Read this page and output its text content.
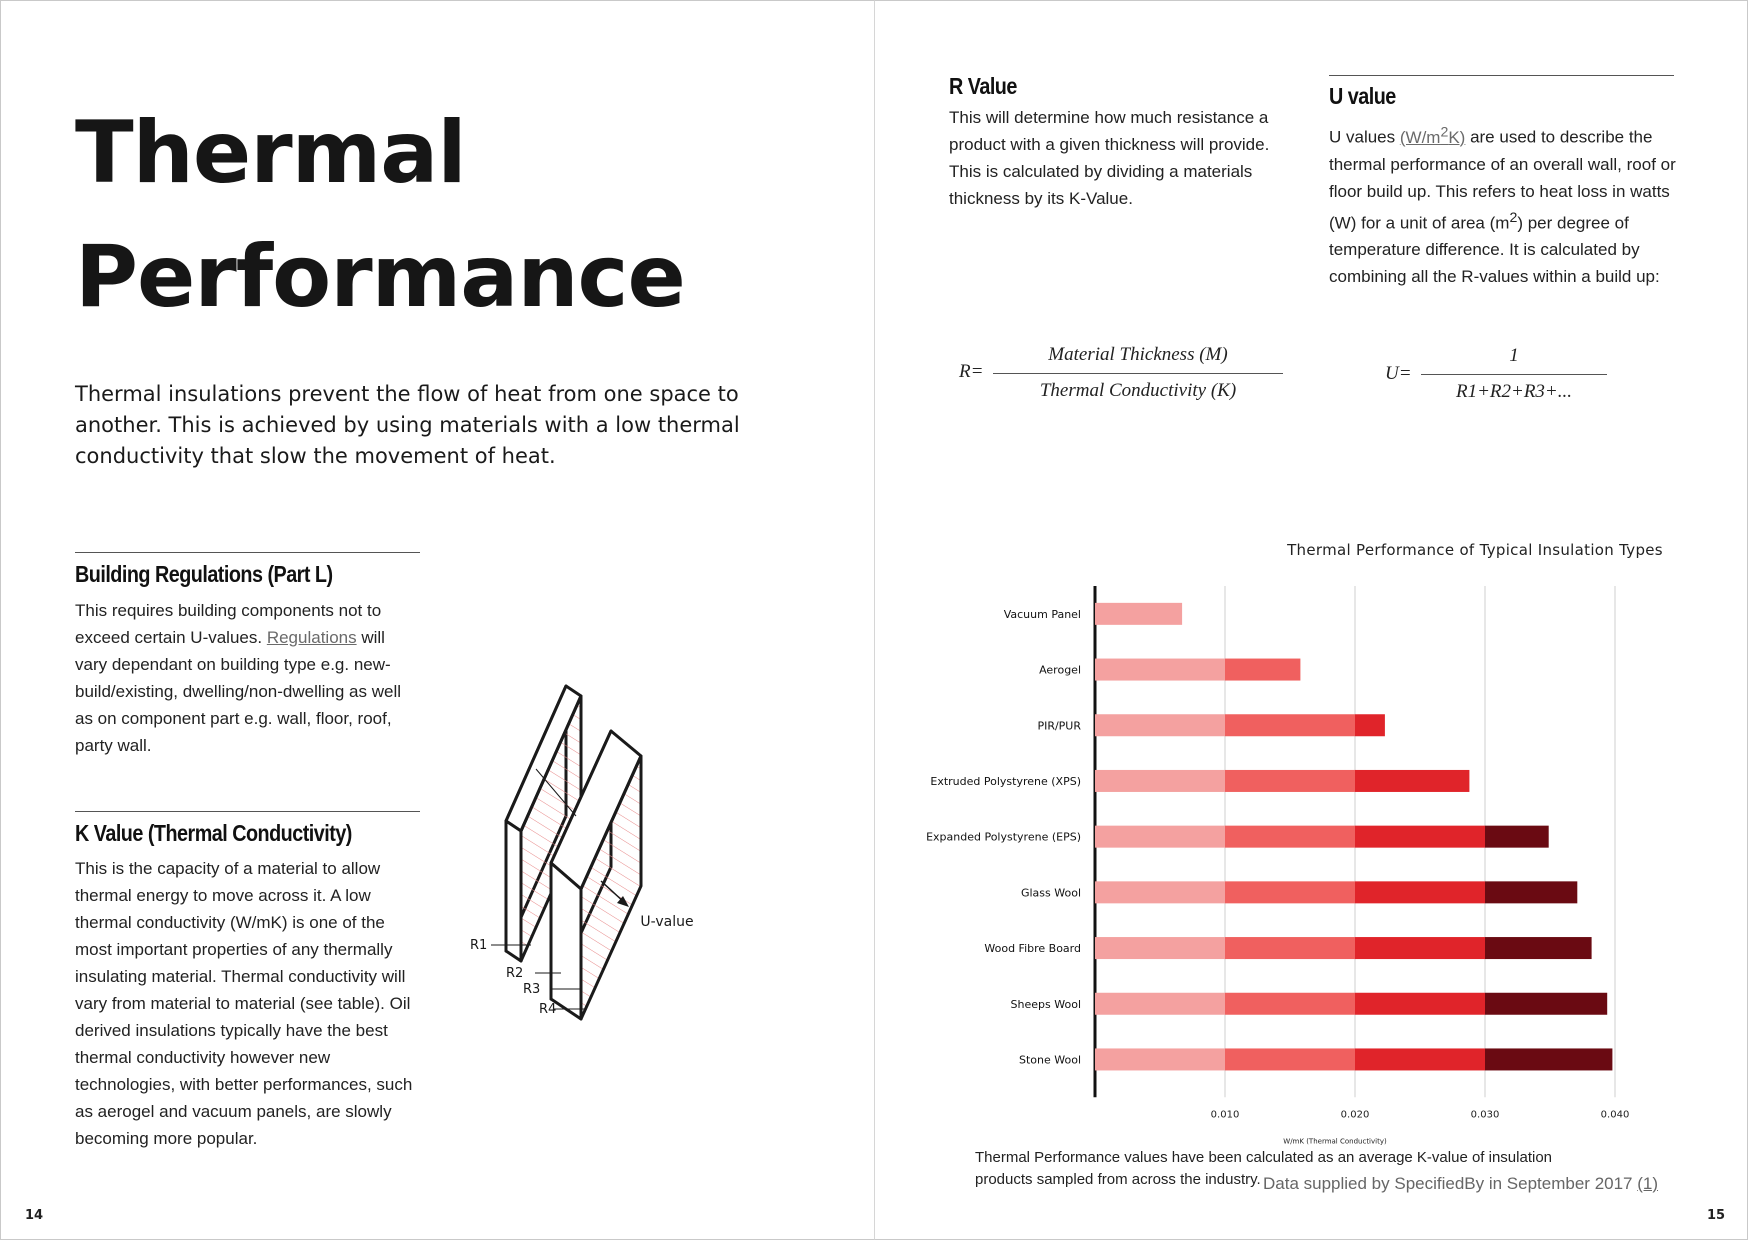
Thermal
Performance

Thermal insulations prevent the flow of heat from one space to another. This is achieved by using materials with a low thermal conductivity that slow the movement of heat.

Building Regulations (Part L)

This requires building components not to exceed certain U-values. Regulations will vary dependant on building type e.g. new-build/existing, dwelling/non-dwelling as well as on component part e.g. wall, floor, roof, party wall.

K Value (Thermal Conductivity)

This is the capacity of a material to allow thermal energy to move across it. A low thermal conductivity (W/mK) is one of the most important properties of any thermally insulating material. Thermal conductivity will vary from material to material (see table). Oil derived insulations typically have the best thermal conductivity however new technologies, with better performances, such as aerogel and vacuum panels, are slowly becoming more popular.

R1
R2
R3
R4
U-value
14
R Value

This will determine how much resistance a product with a given thickness will provide. This is calculated by dividing a materials thickness by its K-Value.

U value

U values $(W/m^2K)$ are used to describe the thermal performance of an overall wall, roof or floor build up. This refers to heat loss in watts (W) for a unit of area $(m^2)$ per degree of temperature difference. It is calculated by combining all the R-values within a build up:

R=
Material Thickness (M)
Thermal Conductivity (K)
U=
1
R1+R2+R3+...
Thermal Performance of Typical Insulation Types
0.010	0.020	0.030	0.040
Vacuum Panel
Aerogel
PIR/PUR
Extruded Polystyrene (XPS)
Expanded Polystyrene (EPS)
Glass Wool
Wood Fibre Board
Sheeps Wool
Stone Wool
W/mK (Thermal Conductivity)
Thermal Performance values have been calculated as an average K-value of insulation products sampled from across the industry. Data supplied by SpecifiedBy in September 2017 (1)
15
